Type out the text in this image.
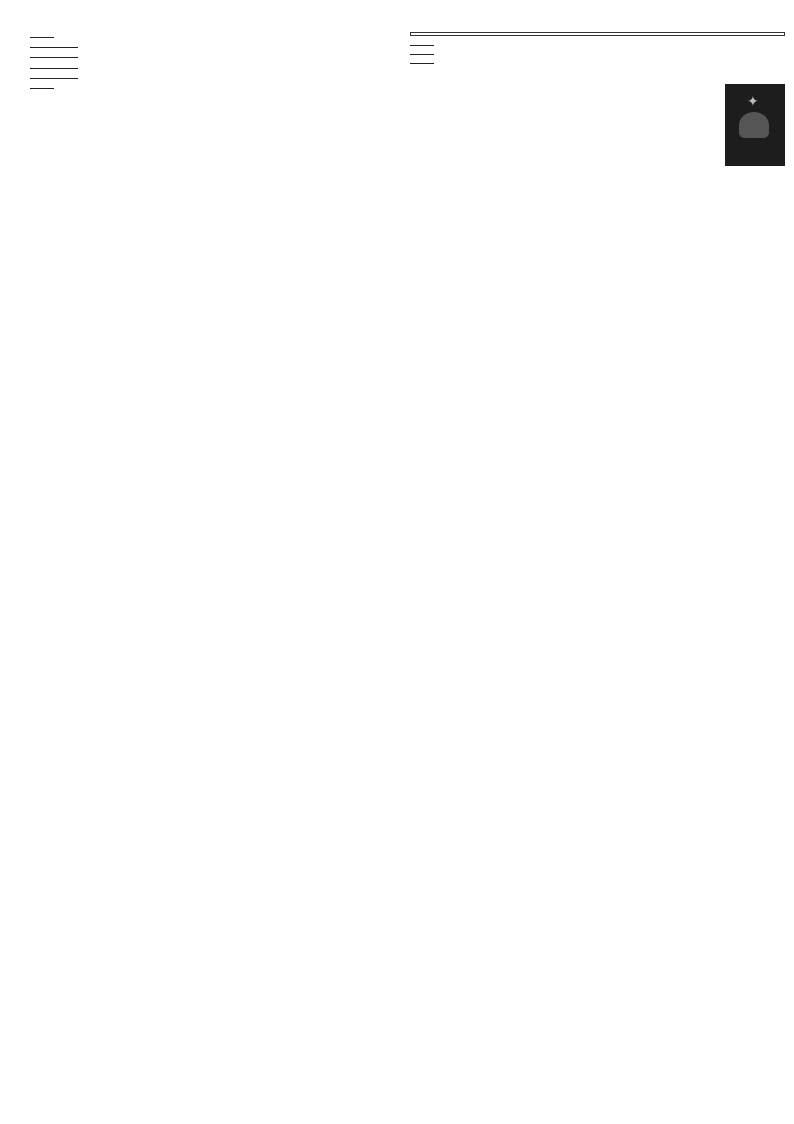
✦
